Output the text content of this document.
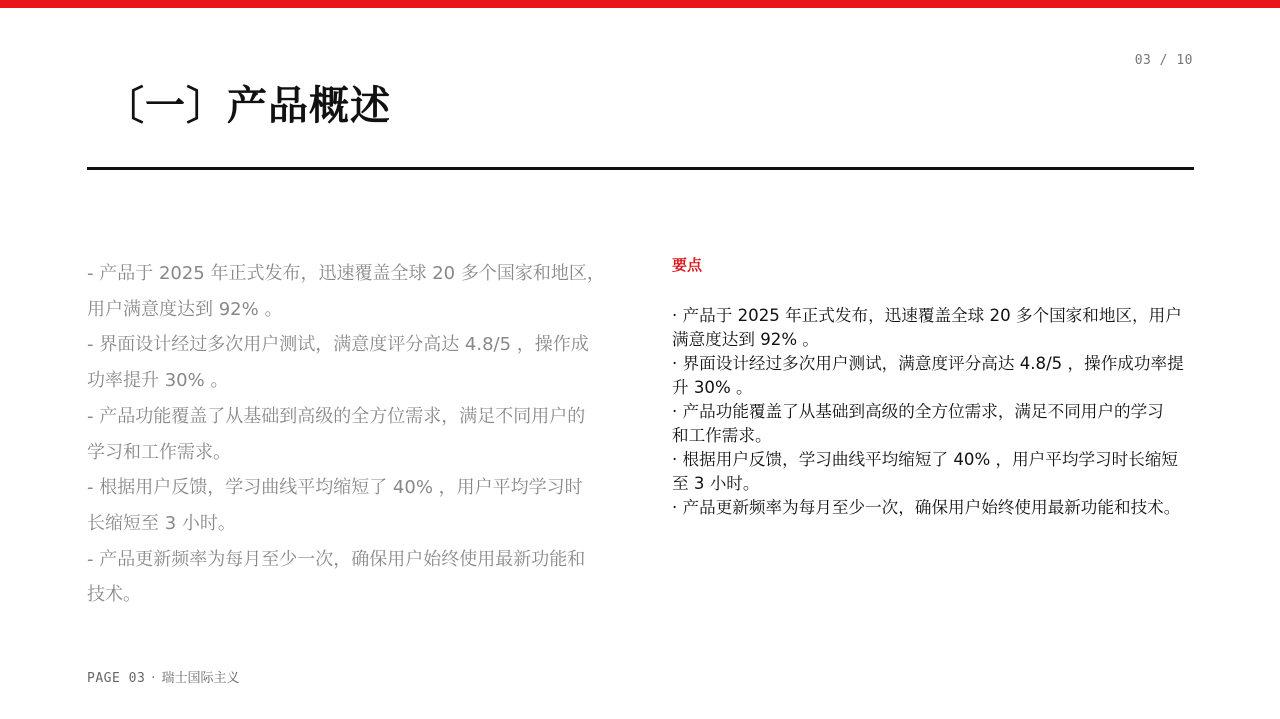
03 / 10
〔一〕产品概述

- 产品于 2025 年正式发布，迅速覆盖全球 20 多个国家和地区，
用户满意度达到 92% 。

- 界面设计经过多次用户测试，满意度评分高达 4.8/5 ，操作成
功率提升 30% 。

- 产品功能覆盖了从基础到高级的全方位需求，满足不同用户的
学习和工作需求。

- 根据用户反馈，学习曲线平均缩短了 40% ，用户平均学习时
长缩短至 3 小时。

- 产品更新频率为每月至少一次，确保用户始终使用最新功能和
技术。

要点
· 产品于 2025 年正式发布，迅速覆盖全球 20 多个国家和地区，用户
满意度达到 92% 。
· 界面设计经过多次用户测试，满意度评分高达 4.8/5 ，操作成功率提
升 30% 。
· 产品功能覆盖了从基础到高级的全方位需求，满足不同用户的学习
和工作需求。
· 根据用户反馈，学习曲线平均缩短了 40% ，用户平均学习时长缩短
至 3 小时。
· 产品更新频率为每月至少一次，确保用户始终使用最新功能和技术。
PAGE 03 · 瑞士国际主义
